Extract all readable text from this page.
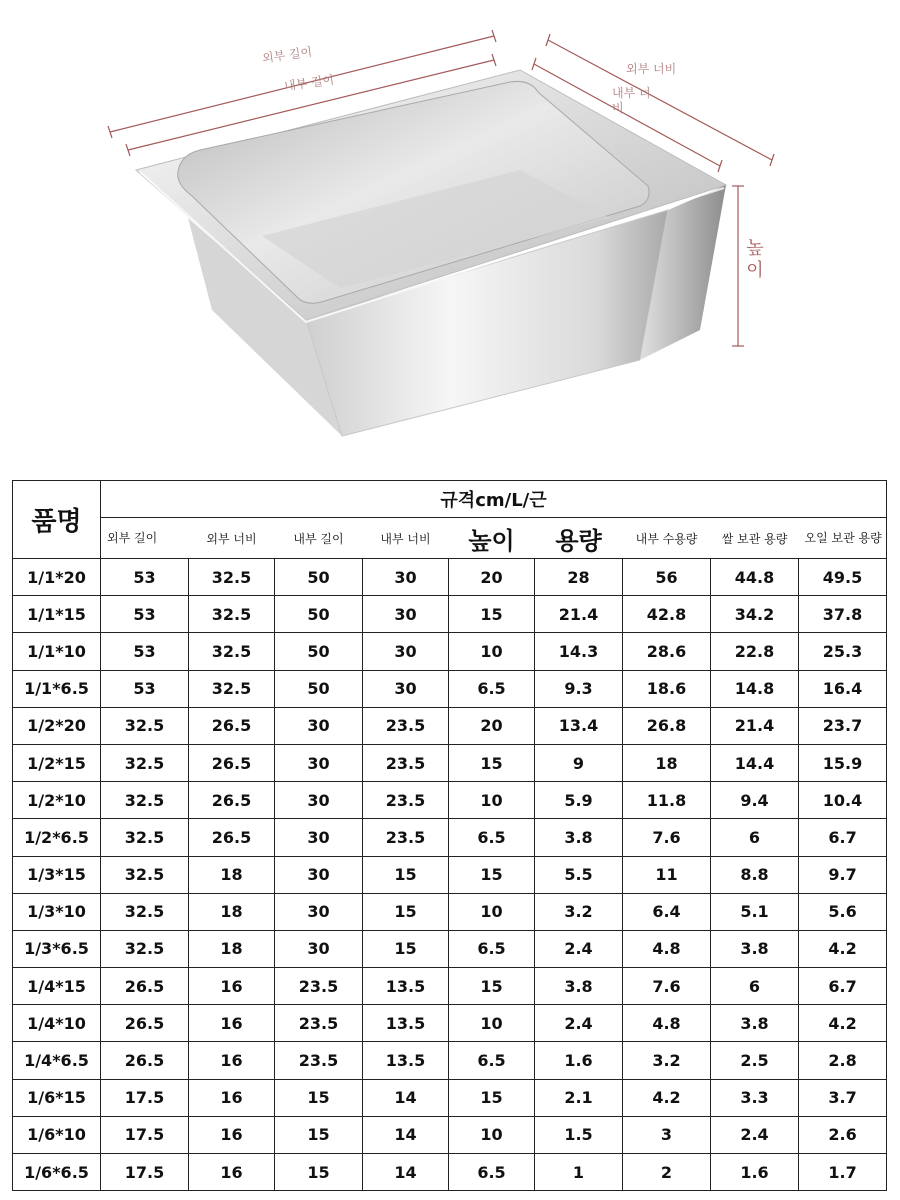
외부 길이
내부 길이
외부 너비
내부 너비
높이
품명	규격cm/L/근								
	외부 길이	외부 너비	내부 길이	내부 너비	높이	용량	내부 수용량	쌀 보관 용량	오일 보관 용량
1/1*20	53	32.5	50	30	20	28	56	44.8	49.5
1/1*15	53	32.5	50	30	15	21.4	42.8	34.2	37.8
1/1*10	53	32.5	50	30	10	14.3	28.6	22.8	25.3
1/1*6.5	53	32.5	50	30	6.5	9.3	18.6	14.8	16.4
1/2*20	32.5	26.5	30	23.5	20	13.4	26.8	21.4	23.7
1/2*15	32.5	26.5	30	23.5	15	9	18	14.4	15.9
1/2*10	32.5	26.5	30	23.5	10	5.9	11.8	9.4	10.4
1/2*6.5	32.5	26.5	30	23.5	6.5	3.8	7.6	6	6.7
1/3*15	32.5	18	30	15	15	5.5	11	8.8	9.7
1/3*10	32.5	18	30	15	10	3.2	6.4	5.1	5.6
1/3*6.5	32.5	18	30	15	6.5	2.4	4.8	3.8	4.2
1/4*15	26.5	16	23.5	13.5	15	3.8	7.6	6	6.7
1/4*10	26.5	16	23.5	13.5	10	2.4	4.8	3.8	4.2
1/4*6.5	26.5	16	23.5	13.5	6.5	1.6	3.2	2.5	2.8
1/6*15	17.5	16	15	14	15	2.1	4.2	3.3	3.7
1/6*10	17.5	16	15	14	10	1.5	3	2.4	2.6
1/6*6.5	17.5	16	15	14	6.5	1	2	1.6	1.7
